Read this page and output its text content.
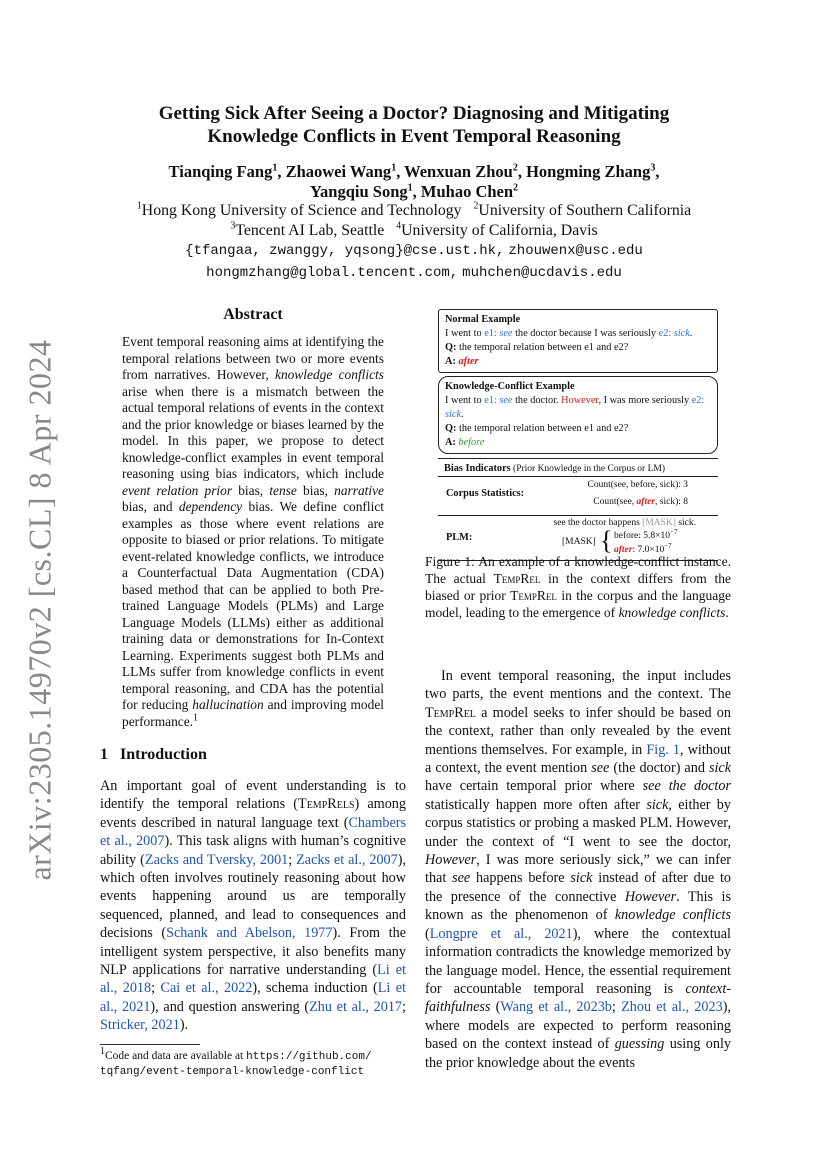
arXiv:2305.14970v2 [cs.CL] 8 Apr 2024
Getting Sick After Seeing a Doctor? Diagnosing and Mitigating
Knowledge Conflicts in Event Temporal Reasoning
Tianqing Fang$^1$, Zhaowei Wang$^1$, Wenxuan Zhou$^2$, Hongming Zhang$^3$,
Yangqiu Song$^1$, Muhao Chen$^2$
$^1$Hong Kong University of Science and Technology $^2$University of Southern California
$^3$Tencent AI Lab, Seattle $^4$University of California, Davis
{tfangaa, zwanggy, yqsong}@cse.ust.hk, zhouwenx@usc.edu
hongmzhang@global.tencent.com, muhchen@ucdavis.edu
Abstract
Event temporal reasoning aims at identifying the temporal relations between two or more events from narratives. However, knowledge conflicts arise when there is a mismatch between the actual temporal relations of events in the context and the prior knowledge or biases learned by the model. In this paper, we propose to detect knowledge-conflict examples in event temporal reasoning using bias indicators, which include event relation prior bias, tense bias, narrative bias, and dependency bias. We define conflict examples as those where event relations are opposite to biased or prior relations. To mitigate event-related knowledge conflicts, we introduce a Counterfactual Data Augmentation (CDA) based method that can be applied to both Pre-trained Language Models (PLMs) and Large Language Models (LLMs) either as additional training data or demonstrations for In-Context Learning. Experiments suggest both PLMs and LLMs suffer from knowledge conflicts in event temporal reasoning, and CDA has the potential for reducing hallucination and improving model performance.$^1$
1 Introduction
An important goal of event understanding is to identify the temporal relations (TempRels) among events described in natural language text (Chambers et al., 2007). This task aligns with human’s cognitive ability (Zacks and Tversky, 2001; Zacks et al., 2007), which often involves routinely reasoning about how events happening around us are temporally sequenced, planned, and lead to consequences and decisions (Schank and Abelson, 1977). From the intelligent system perspective, it also benefits many NLP applications for narrative understanding (Li et al., 2018; Cai et al., 2022), schema induction (Li et al., 2021), and question answering (Zhu et al., 2017; Stricker, 2021).
$^1$Code and data are available at https://github.com/
tqfang/event-temporal-knowledge-conflict
Normal Example
I went to e1: see the doctor because I was seriously e2: sick.
Q: the temporal relation between e1 and e2?
A: after
Knowledge-Conflict Example
I went to e1: see the doctor. However, I was more seriously e2: sick.
Q: the temporal relation between e1 and e2?
A: before
Bias Indicators (Prior Knowledge in the Corpus or LM)
Corpus Statistics:
Count(see, before, sick): 3
Count(see, after, sick): 8
PLM:
see the doctor happens [MASK] sick.
[MASK] { before: $5.8\times 10^{-7}$
after: $7.0\times 10^{-7}$
Figure 1: An example of a knowledge-conflict instance. The actual TempRel in the context differs from the biased or prior TempRel in the corpus and the language model, leading to the emergence of knowledge conflicts.
In event temporal reasoning, the input includes two parts, the event mentions and the context. The TempRel a model seeks to infer should be based on the context, rather than only revealed by the event mentions themselves. For example, in Fig. 1, without a context, the event mention see (the doctor) and sick have certain temporal prior where see the doctor statistically happen more often after sick, either by corpus statistics or probing a masked PLM. However, under the context of “I went to see the doctor, However, I was more seriously sick,” we can infer that see happens before sick instead of after due to the presence of the connective However. This is known as the phenomenon of knowledge conflicts (Longpre et al., 2021), where the contextual information contradicts the knowledge memorized by the language model. Hence, the essential requirement for accountable temporal reasoning is context-faithfulness (Wang et al., 2023b; Zhou et al., 2023), where models are expected to perform reasoning based on the context instead of guessing using only the prior knowledge about the events
